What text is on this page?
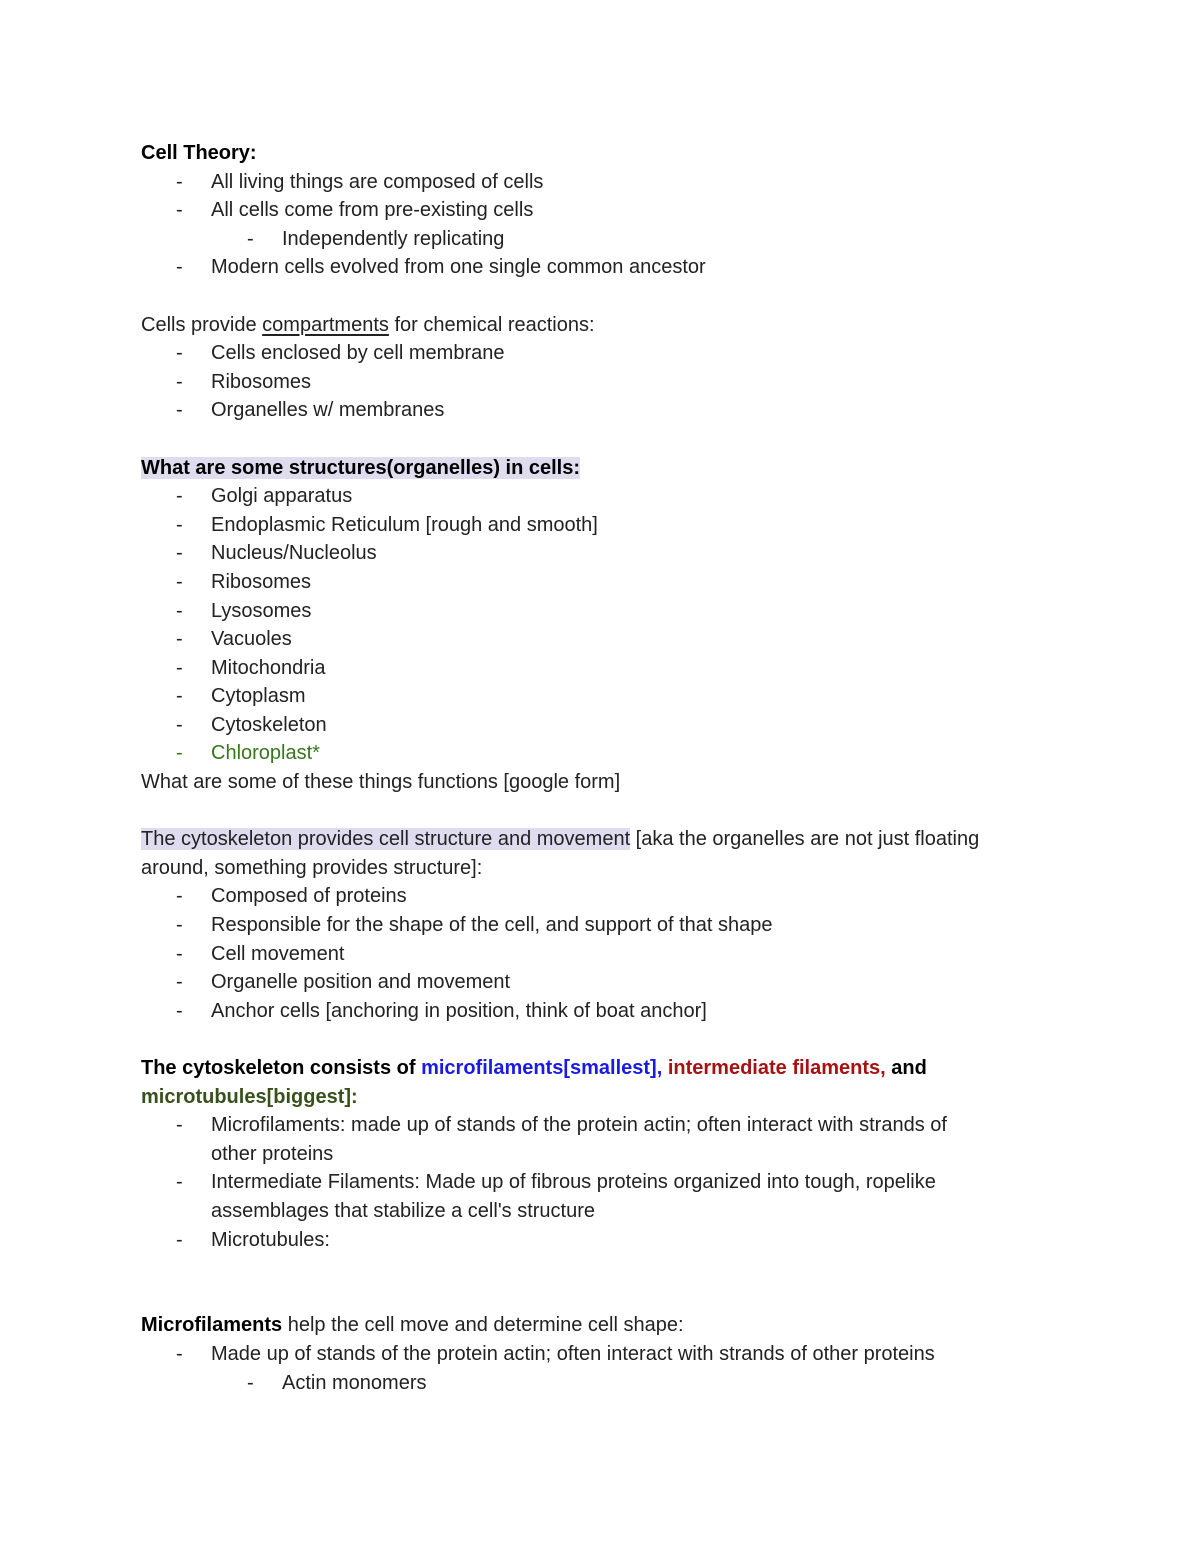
Cell Theory:
- All living things are composed of cells
- All cells come from pre-existing cells
- Independently replicating
- Modern cells evolved from one single common ancestor
Cells provide compartments for chemical reactions:
- Cells enclosed by cell membrane
- Ribosomes
- Organelles w/ membranes
What are some structures(organelles) in cells:
- Golgi apparatus
- Endoplasmic Reticulum [rough and smooth]
- Nucleus/Nucleolus
- Ribosomes
- Lysosomes
- Vacuoles
- Mitochondria
- Cytoplasm
- Cytoskeleton
- Chloroplast*
What are some of these things functions [google form]
The cytoskeleton provides cell structure and movement [aka the organelles are not just floating
around, something provides structure]:
- Composed of proteins
- Responsible for the shape of the cell, and support of that shape
- Cell movement
- Organelle position and movement
- Anchor cells [anchoring in position, think of boat anchor]
The cytoskeleton consists of microfilaments[smallest], intermediate filaments, and
microtubules[biggest]:
- Microfilaments: made up of stands of the protein actin; often interact with strands of
other proteins
- Intermediate Filaments: Made up of fibrous proteins organized into tough, ropelike
assemblages that stabilize a cell's structure
- Microtubules:
Microfilaments help the cell move and determine cell shape:
- Made up of stands of the protein actin; often interact with strands of other proteins
- Actin monomers
